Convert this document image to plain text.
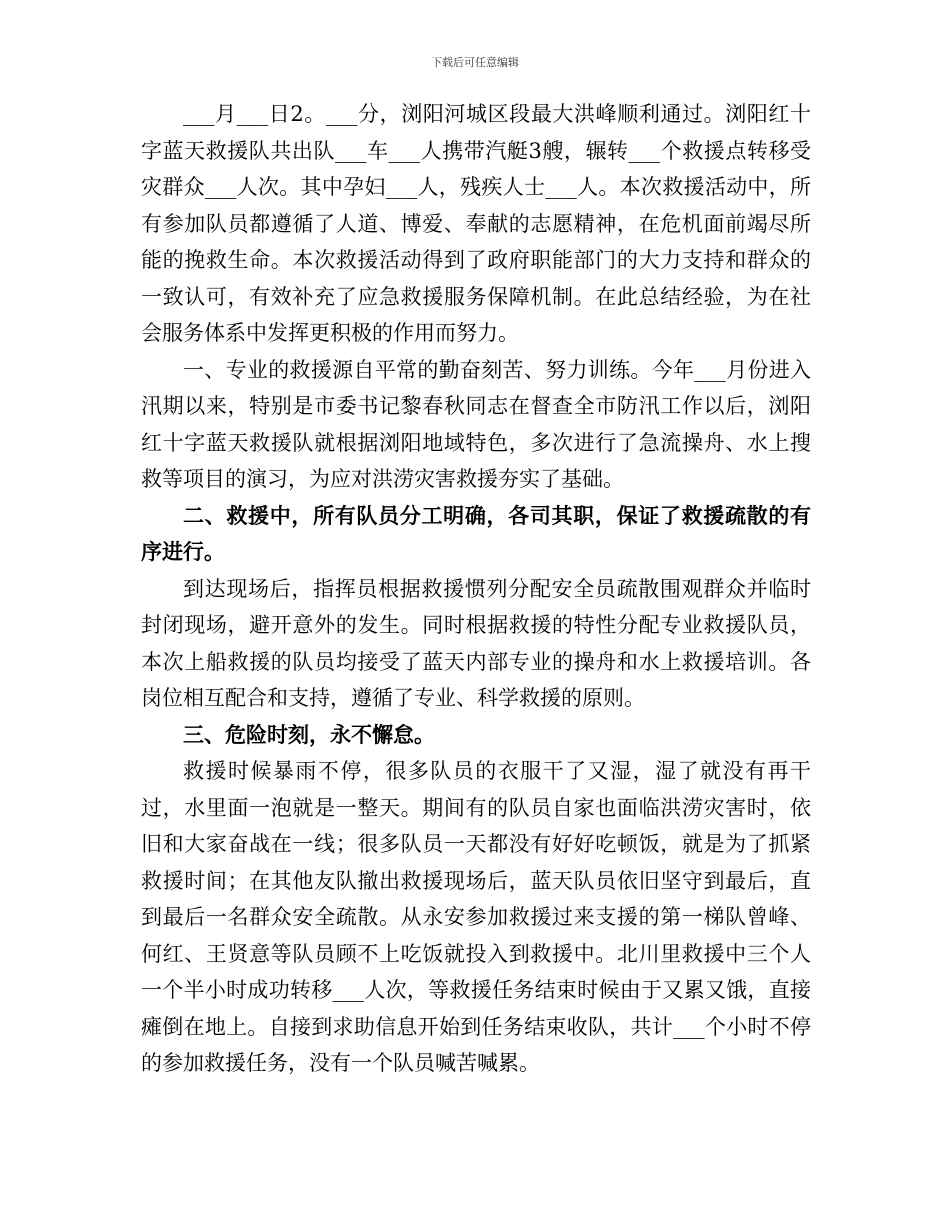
下载后可任意编辑

___月___日2。___分，浏阳河城区段最大洪峰顺利通过。浏阳红十字蓝天救援队共出队___车___人携带汽艇3艘，辗转___个救援点转移受灾群众___人次。其中孕妇___人，残疾人士___人。本次救援活动中，所有参加队员都遵循了人道、博爱、奉献的志愿精神，在危机面前竭尽所能的挽救生命。本次救援活动得到了政府职能部门的大力支持和群众的一致认可，有效补充了应急救援服务保障机制。在此总结经验，为在社会服务体系中发挥更积极的作用而努力。

一、专业的救援源自平常的勤奋刻苦、努力训练。今年___月份进入汛期以来，特别是市委书记黎春秋同志在督查全市防汛工作以后，浏阳红十字蓝天救援队就根据浏阳地域特色，多次进行了急流操舟、水上搜救等项目的演习，为应对洪涝灾害救援夯实了基础。

二、救援中，所有队员分工明确，各司其职，保证了救援疏散的有序进行。

到达现场后，指挥员根据救援惯列分配安全员疏散围观群众并临时封闭现场，避开意外的发生。同时根据救援的特性分配专业救援队员，本次上船救援的队员均接受了蓝天内部专业的操舟和水上救援培训。各岗位相互配合和支持，遵循了专业、科学救援的原则。

三、危险时刻，永不懈怠。

救援时候暴雨不停，很多队员的衣服干了又湿，湿了就没有再干过，水里面一泡就是一整天。期间有的队员自家也面临洪涝灾害时，依旧和大家奋战在一线；很多队员一天都没有好好吃顿饭，就是为了抓紧救援时间；在其他友队撤出救援现场后，蓝天队员依旧坚守到最后，直到最后一名群众安全疏散。从永安参加救援过来支援的第一梯队曾峰、何红、王贤意等队员顾不上吃饭就投入到救援中。北川里救援中三个人一个半小时成功转移___人次，等救援任务结束时候由于又累又饿，直接瘫倒在地上。自接到求助信息开始到任务结束收队，共计___个小时不停的参加救援任务，没有一个队员喊苦喊累。
